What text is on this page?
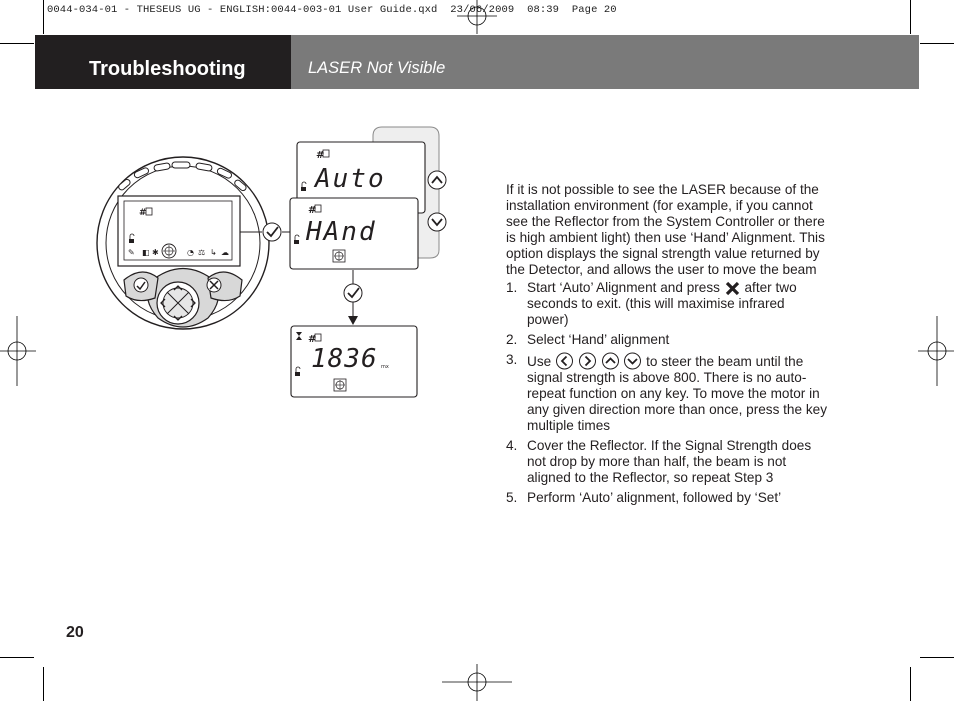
0044-034-01 - THESEUS UG - ENGLISH:0044-003-01 User Guide.qxd  23/06/2009  08:39  Page 20
Troubleshooting	LASER Not Visible
#
✎ ◧ ✱	◔ ⚖ ↳ ☁
#
Auto
#
HAnd
#
1836 mx

If it is not possible to see the LASER because of the installation environment (for example, if you cannot see the Reflector from the System Controller or there is high ambient light) then use ‘Hand’ Alignment. This option displays the signal strength value returned by the Detector, and allows the user to move the beam

1. Start ‘Auto’ Alignment and press after two seconds to exit. (this will maximise infrared power)
2. Select ‘Hand’ alignment
3. Use	to steer the beam until the signal strength is above 800. There is no auto-repeat function on any key. To move the motor in any given direction more than once, press the key multiple times
4. Cover the Reflector. If the Signal Strength does not drop by more than half, the beam is not aligned to the Reflector, so repeat Step 3
5. Perform ‘Auto’ alignment, followed by ‘Set’
20
